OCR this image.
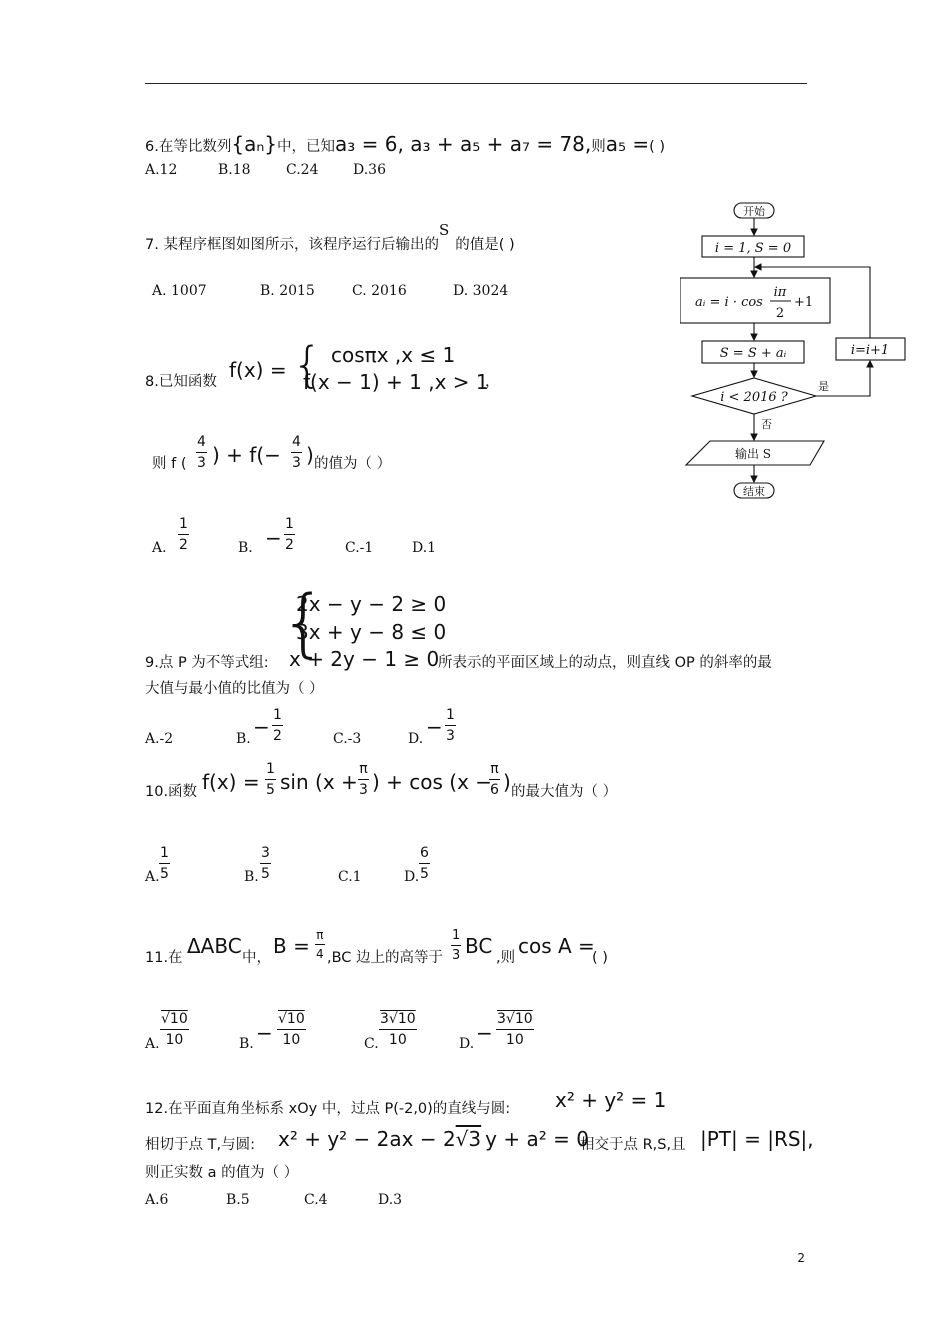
6.在等比数列{aₙ}中，已知a₃ = 6, a₃ + a₅ + a₇ = 78,则a₅ =( )
A.12	B.18	C.24 D.36
7. 某程序框图如图所示，该程序运行后输出的S的值是( )
A. 1007	B. 2015	C. 2016	D. 3024
开始
i = 1, S = 0
aᵢ = i · cos
iπ
2
+1
S = S + aᵢ	i=i+1
i < 2016 ?
是
否
输出 S
结束
8.已知函数 f(x) = { cosπx ,x ≤ 1
f(x − 1) + 1 ,x > 1
，
则 f (
4
3 ) + f(−
4
3 ) 的值为（ ）
A.
1
2	B. −
1
2	C.-1	D.1
{
2x − y − 2 ≥ 0
3x + y − 8 ≤ 0
x + 2y − 1 ≥ 0
9.点 P 为不等式组:	所表示的平面区域上的动点，则直线 OP 的斜率的最
大值与最小值的比值为（ ）
A.-2	B. − 1
2	C.-3	D. − 1
3
10.函数 f(x) =
1
5 sin (x +
π
3 ) + cos (x −
π
6 ) 的最大值为（ ）
A.
1
5	B.
3
5	C.1	D.
6
5
11.在 ΔABC 中， B = π
4 ,BC 边上的高等于
1
3 BC ,则 cos A =
( )
A.
√10
10	B. −
√10
10	C.
3√10
10	D. −
3√10
10
12.在平面直角坐标系 xOy 中，过点 P(-2,0)的直线与圆: x² + y² = 1
相切于点 T,与圆: x² + y² − 2ax − 2√3 y + a² = 0
相交于点 R,S,且 |PT| = |RS|,
则正实数 a 的值为（ ）
A.6	B.5	C.4	D.3
2
